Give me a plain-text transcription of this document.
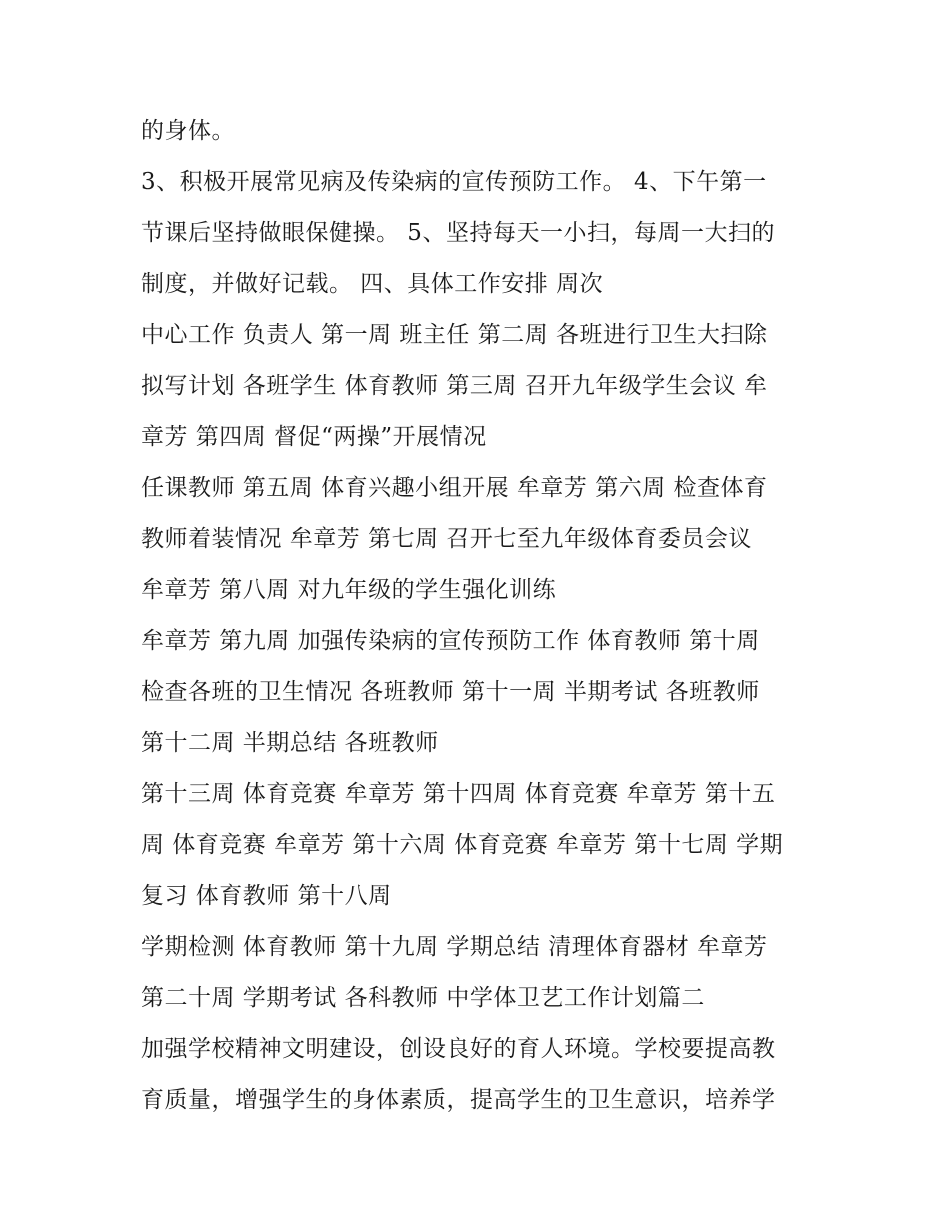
的身体。
3、积极开展常见病及传染病的宣传预防工作。 4、下午第一
节课后坚持做眼保健操。 5、坚持每天一小扫，每周一大扫的
制度，并做好记载。 四、具体工作安排 周次
中心工作 负责人 第一周 班主任 第二周 各班进行卫生大扫除
拟写计划 各班学生 体育教师 第三周 召开九年级学生会议 牟
章芳 第四周 督促“两操”开展情况
任课教师 第五周 体育兴趣小组开展 牟章芳 第六周 检查体育
教师着装情况 牟章芳 第七周 召开七至九年级体育委员会议
牟章芳 第八周 对九年级的学生强化训练
牟章芳 第九周 加强传染病的宣传预防工作 体育教师 第十周
检查各班的卫生情况 各班教师 第十一周 半期考试 各班教师
第十二周 半期总结 各班教师
第十三周 体育竞赛 牟章芳 第十四周 体育竞赛 牟章芳 第十五
周 体育竞赛 牟章芳 第十六周 体育竞赛 牟章芳 第十七周 学期
复习 体育教师 第十八周
学期检测 体育教师 第十九周 学期总结 清理体育器材 牟章芳
第二十周 学期考试 各科教师 中学体卫艺工作计划篇二
加强学校精神文明建设，创设良好的育人环境。学校要提高教
育质量，增强学生的身体素质，提高学生的卫生意识，培养学
